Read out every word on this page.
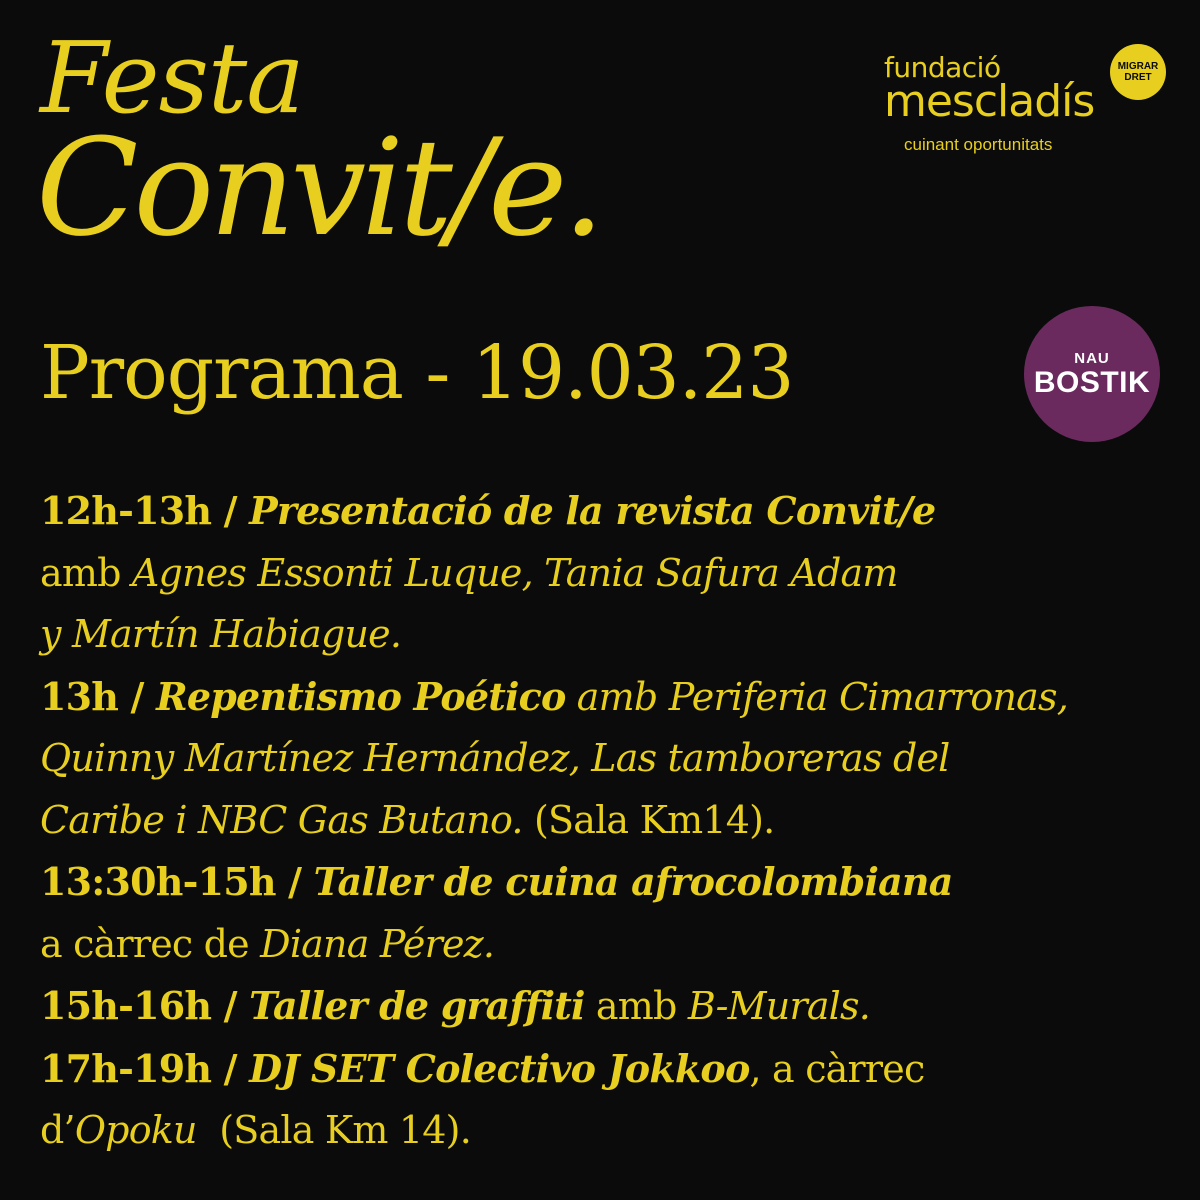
Festa
Convit/e.
Programa - 19.03.23
fundació
mescladís
cuinant oportunitats
MIGRAR
DRET
NAU
BOSTIK
12h-13h / Presentació de la revista Convit/e
amb Agnes Essonti Luque, Tania Safura Adam
y Martín Habiague.
13h / Repentismo Poético amb Periferia Cimarronas,
Quinny Martínez Hernández, Las tamboreras del
Caribe i NBC Gas Butano. (Sala Km14).
13:30h-15h / Taller de cuina afrocolombiana
a càrrec de Diana Pérez.
15h-16h / Taller de graffiti amb B-Murals.
17h-19h / DJ SET Colectivo Jokkoo, a càrrec
d’Opoku  (Sala Km 14).
